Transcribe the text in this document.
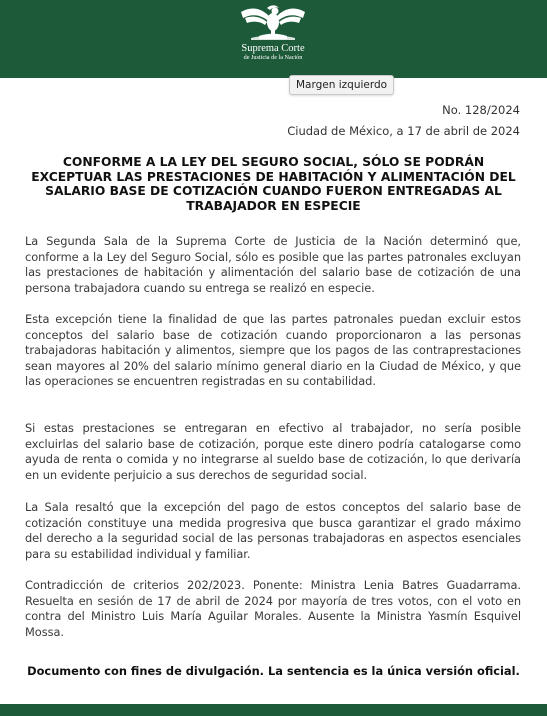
Suprema Corte
de Justicia de la Nación
Margen izquierdo
No. 128/2024
Ciudad de México, a 17 de abril de 2024
CONFORME A LA LEY DEL SEGURO SOCIAL, SÓLO SE PODRÁN EXCEPTUAR LAS PRESTACIONES DE HABITACIÓN Y ALIMENTACIÓN DEL SALARIO BASE DE COTIZACIÓN CUANDO FUERON ENTREGADAS AL TRABAJADOR EN ESPECIE
La Segunda Sala de la Suprema Corte de Justicia de la Nación determinó que, conforme a la Ley del Seguro Social, sólo es posible que las partes patronales excluyan las prestaciones de habitación y alimentación del salario base de cotización de una persona trabajadora cuando su entrega se realizó en especie.
Esta excepción tiene la finalidad de que las partes patronales puedan excluir estos conceptos del salario base de cotización cuando proporcionaron a las personas trabajadoras habitación y alimentos, siempre que los pagos de las contraprestaciones sean mayores al 20% del salario mínimo general diario en la Ciudad de México, y que las operaciones se encuentren registradas en su contabilidad.
Si estas prestaciones se entregaran en efectivo al trabajador, no sería posible excluirlas del salario base de cotización, porque este dinero podría catalogarse como ayuda de renta o comida y no integrarse al sueldo base de cotización, lo que derivaría en un evidente perjuicio a sus derechos de seguridad social.
La Sala resaltó que la excepción del pago de estos conceptos del salario base de cotización constituye una medida progresiva que busca garantizar el grado máximo del derecho a la seguridad social de las personas trabajadoras en aspectos esenciales para su estabilidad individual y familiar.
Contradicción de criterios 202/2023. Ponente: Ministra Lenia Batres Guadarrama. Resuelta en sesión de 17 de abril de 2024 por mayoría de tres votos, con el voto en contra del Ministro Luis María Aguilar Morales. Ausente la Ministra Yasmín Esquivel Mossa.
Documento con fines de divulgación. La sentencia es la única versión oficial.
